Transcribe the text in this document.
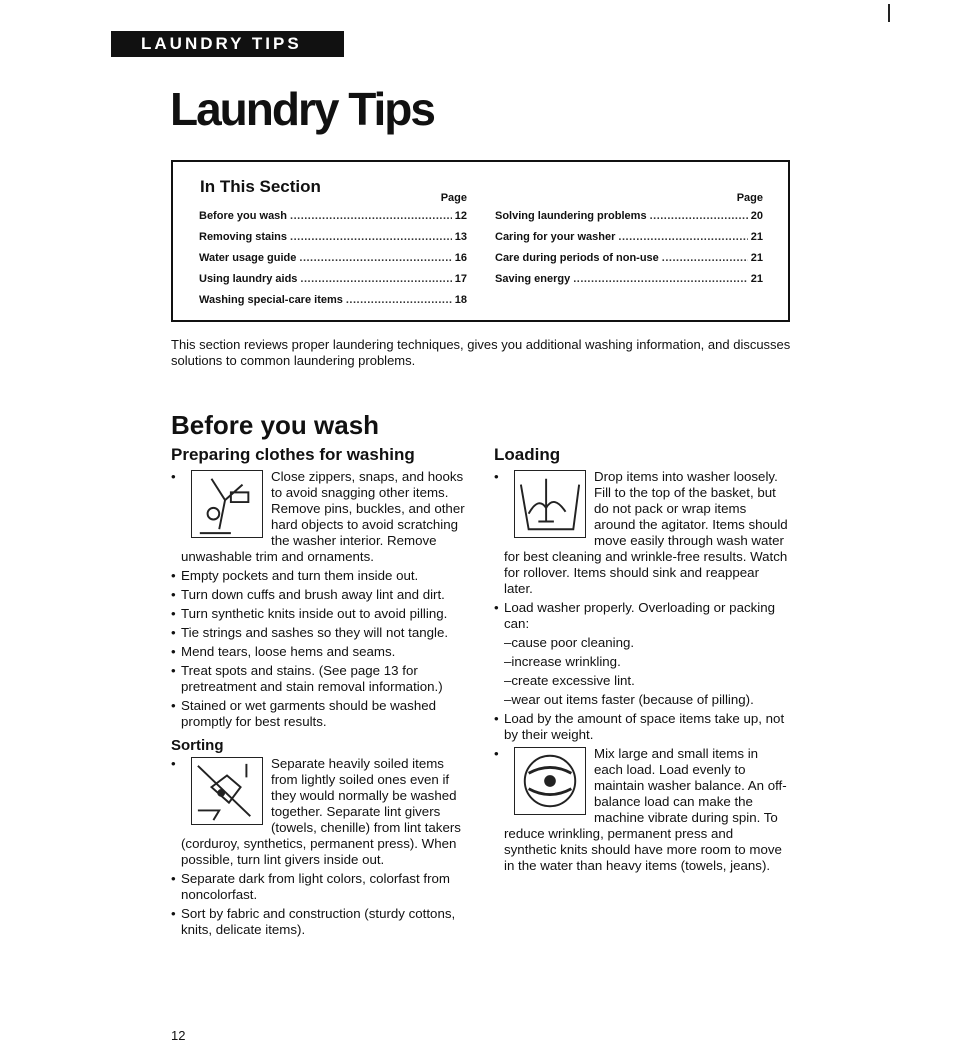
LAUNDRY TIPS
Laundry Tips
In This Section
Page
Before you wash .....	12
Removing stains .....	13
Water usage guide .....	16
Using laundry aids .....	17
Washing special-care items .....	18
Page
Solving laundering problems .....	20
Caring for your washer .....	21
Care during periods of non-use .....	21
Saving energy .....	21
This section reviews proper laundering techniques, gives you additional washing information, and discusses solutions to common laundering problems.
Before you wash
Preparing clothes for washing
• Close zippers, snaps, and hooks to avoid snagging other items. Remove pins, buckles, and other hard objects to avoid scratching the washer interior. Remove unwashable trim and ornaments.
• Empty pockets and turn them inside out.
• Turn down cuffs and brush away lint and dirt.
• Turn synthetic knits inside out to avoid pilling.
• Tie strings and sashes so they will not tangle.
• Mend tears, loose hems and seams.
• Treat spots and stains. (See page 13 for pretreatment and stain removal information.)
• Stained or wet garments should be washed promptly for best results.
Sorting
• Separate heavily soiled items from lightly soiled ones even if they would normally be washed together. Separate lint givers (towels, chenille) from lint takers (corduroy, synthetics, permanent press). When possible, turn lint givers inside out.
• Separate dark from light colors, colorfast from noncolorfast.
• Sort by fabric and construction (sturdy cottons, knits, delicate items).
Loading
• Drop items into washer loosely. Fill to the top of the basket, but do not pack or wrap items around the agitator. Items should move easily through wash water for best cleaning and wrinkle-free results. Watch for rollover. Items should sink and reappear later.
• Load washer properly. Overloading or packing can:
–cause poor cleaning.
–increase wrinkling.
–create excessive lint.
–wear out items faster (because of pilling).
• Load by the amount of space items take up, not by their weight.
• Mix large and small items in each load. Load evenly to maintain washer balance. An off-balance load can make the machine vibrate during spin. To reduce wrinkling, permanent press and synthetic knits should have more room to move in the water than heavy items (towels, jeans).
12
